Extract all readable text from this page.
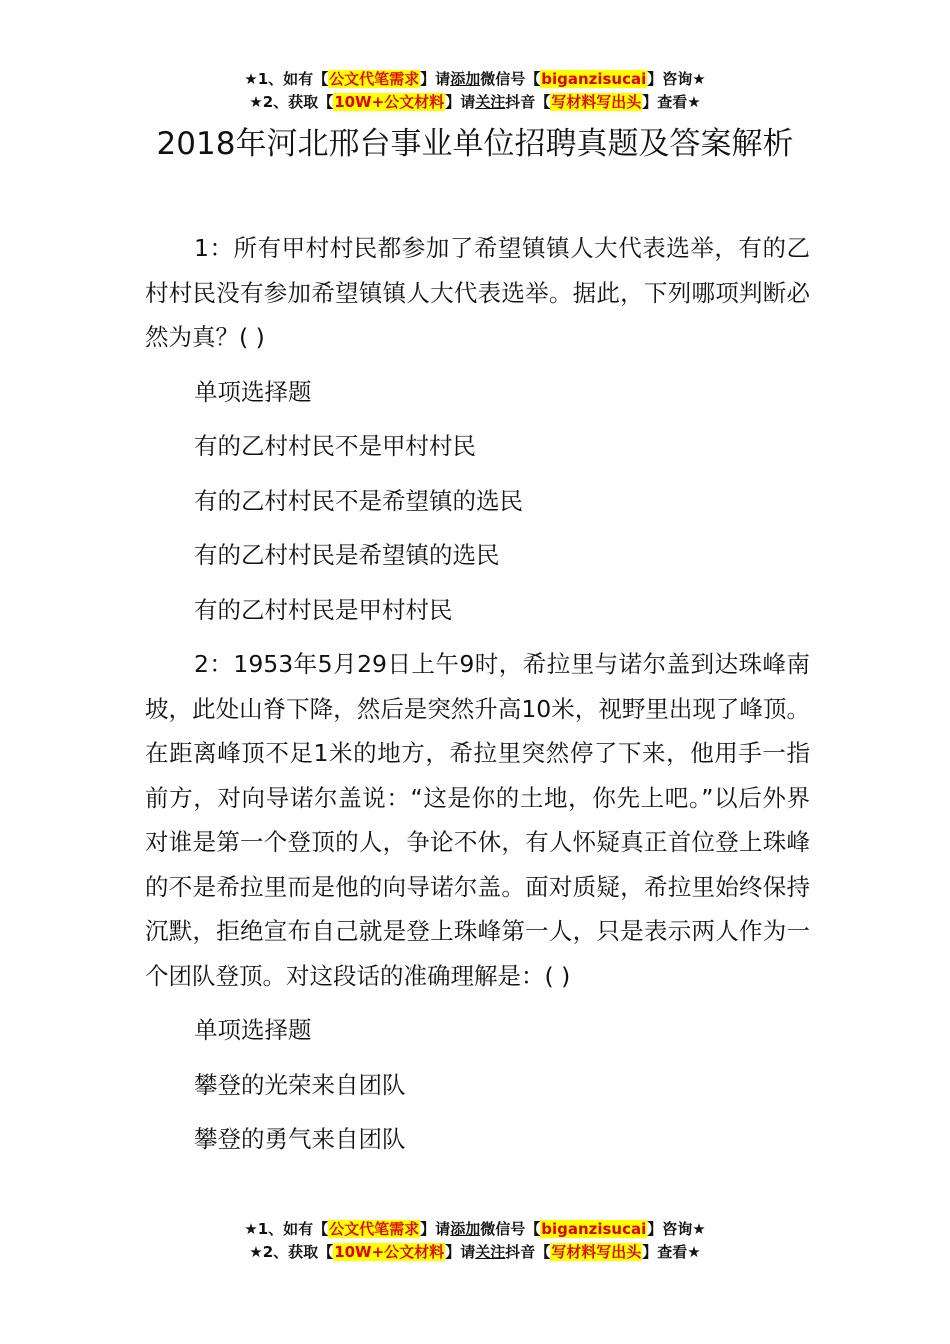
★1、如有【公文代笔需求】请添加微信号【biganzisucai】咨询★
★2、获取【10W+公文材料】请关注抖音【写材料写出头】查看★
2018年河北邢台事业单位招聘真题及答案解析

1：所有甲村村民都参加了希望镇镇人大代表选举，有的乙村村民没有参加希望镇镇人大代表选举。据此，下列哪项判断必然为真？( )

单项选择题

有的乙村村民不是甲村村民

有的乙村村民不是希望镇的选民

有的乙村村民是希望镇的选民

有的乙村村民是甲村村民

2：1953年5月29日上午9时，希拉里与诺尔盖到达珠峰南坡，此处山脊下降，然后是突然升高10米，视野里出现了峰顶。在距离峰顶不足1米的地方，希拉里突然停了下来，他用手一指前方，对向导诺尔盖说：“这是你的土地，你先上吧。”以后外界对谁是第一个登顶的人，争论不休，有人怀疑真正首位登上珠峰的不是希拉里而是他的向导诺尔盖。面对质疑，希拉里始终保持沉默，拒绝宣布自己就是登上珠峰第一人，只是表示两人作为一个团队登顶。对这段话的准确理解是：( )

单项选择题

攀登的光荣来自团队

攀登的勇气来自团队

★1、如有【公文代笔需求】请添加微信号【biganzisucai】咨询★
★2、获取【10W+公文材料】请关注抖音【写材料写出头】查看★
